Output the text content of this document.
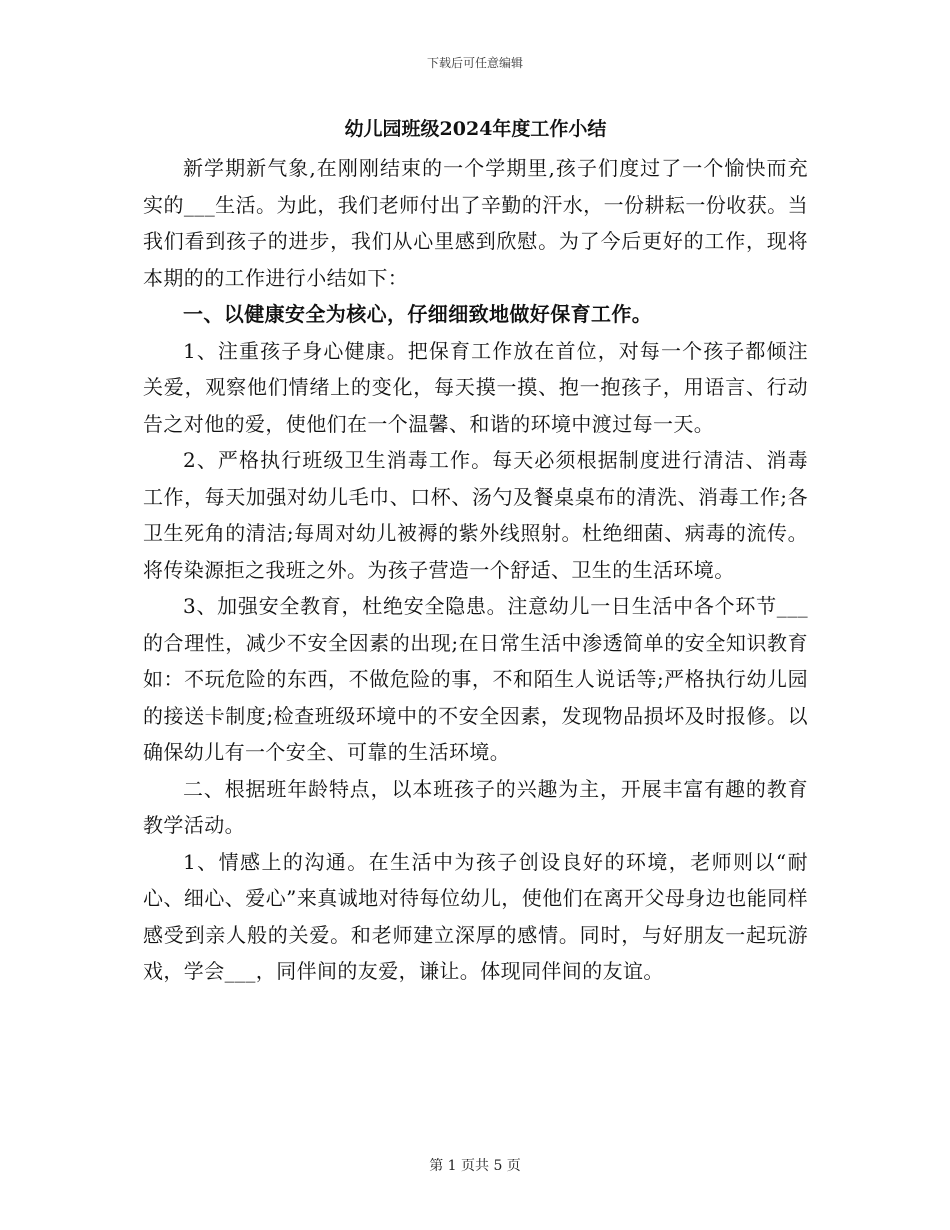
下载后可任意编辑
幼儿园班级2024年度工作小结

新学期新气象,在刚刚结束的一个学期里,孩子们度过了一个愉快而充实的___生活。为此，我们老师付出了辛勤的汗水，一份耕耘一份收获。当我们看到孩子的进步，我们从心里感到欣慰。为了今后更好的工作，现将本期的的工作进行小结如下：

一、以健康安全为核心，仔细细致地做好保育工作。

1、注重孩子身心健康。把保育工作放在首位，对每一个孩子都倾注关爱，观察他们情绪上的变化，每天摸一摸、抱一抱孩子，用语言、行动告之对他的爱，使他们在一个温馨、和谐的环境中渡过每一天。

2、严格执行班级卫生消毒工作。每天必须根据制度进行清洁、消毒工作，每天加强对幼儿毛巾、口杯、汤勺及餐桌桌布的清洗、消毒工作;各卫生死角的清洁;每周对幼儿被褥的紫外线照射。杜绝细菌、病毒的流传。将传染源拒之我班之外。为孩子营造一个舒适、卫生的生活环境。

3、加强安全教育，杜绝安全隐患。注意幼儿一日生活中各个环节___的合理性，减少不安全因素的出现;在日常生活中渗透简单的安全知识教育如：不玩危险的东西，不做危险的事，不和陌生人说话等;严格执行幼儿园的接送卡制度;检查班级环境中的不安全因素，发现物品损坏及时报修。以确保幼儿有一个安全、可靠的生活环境。

二、根据班年龄特点，以本班孩子的兴趣为主，开展丰富有趣的教育教学活动。

1、情感上的沟通。在生活中为孩子创设良好的环境，老师则以“耐心、细心、爱心”来真诚地对待每位幼儿，使他们在离开父母身边也能同样感受到亲人般的关爱。和老师建立深厚的感情。同时，与好朋友一起玩游戏，学会___，同伴间的友爱，谦让。体现同伴间的友谊。

第 1 页共 5 页
